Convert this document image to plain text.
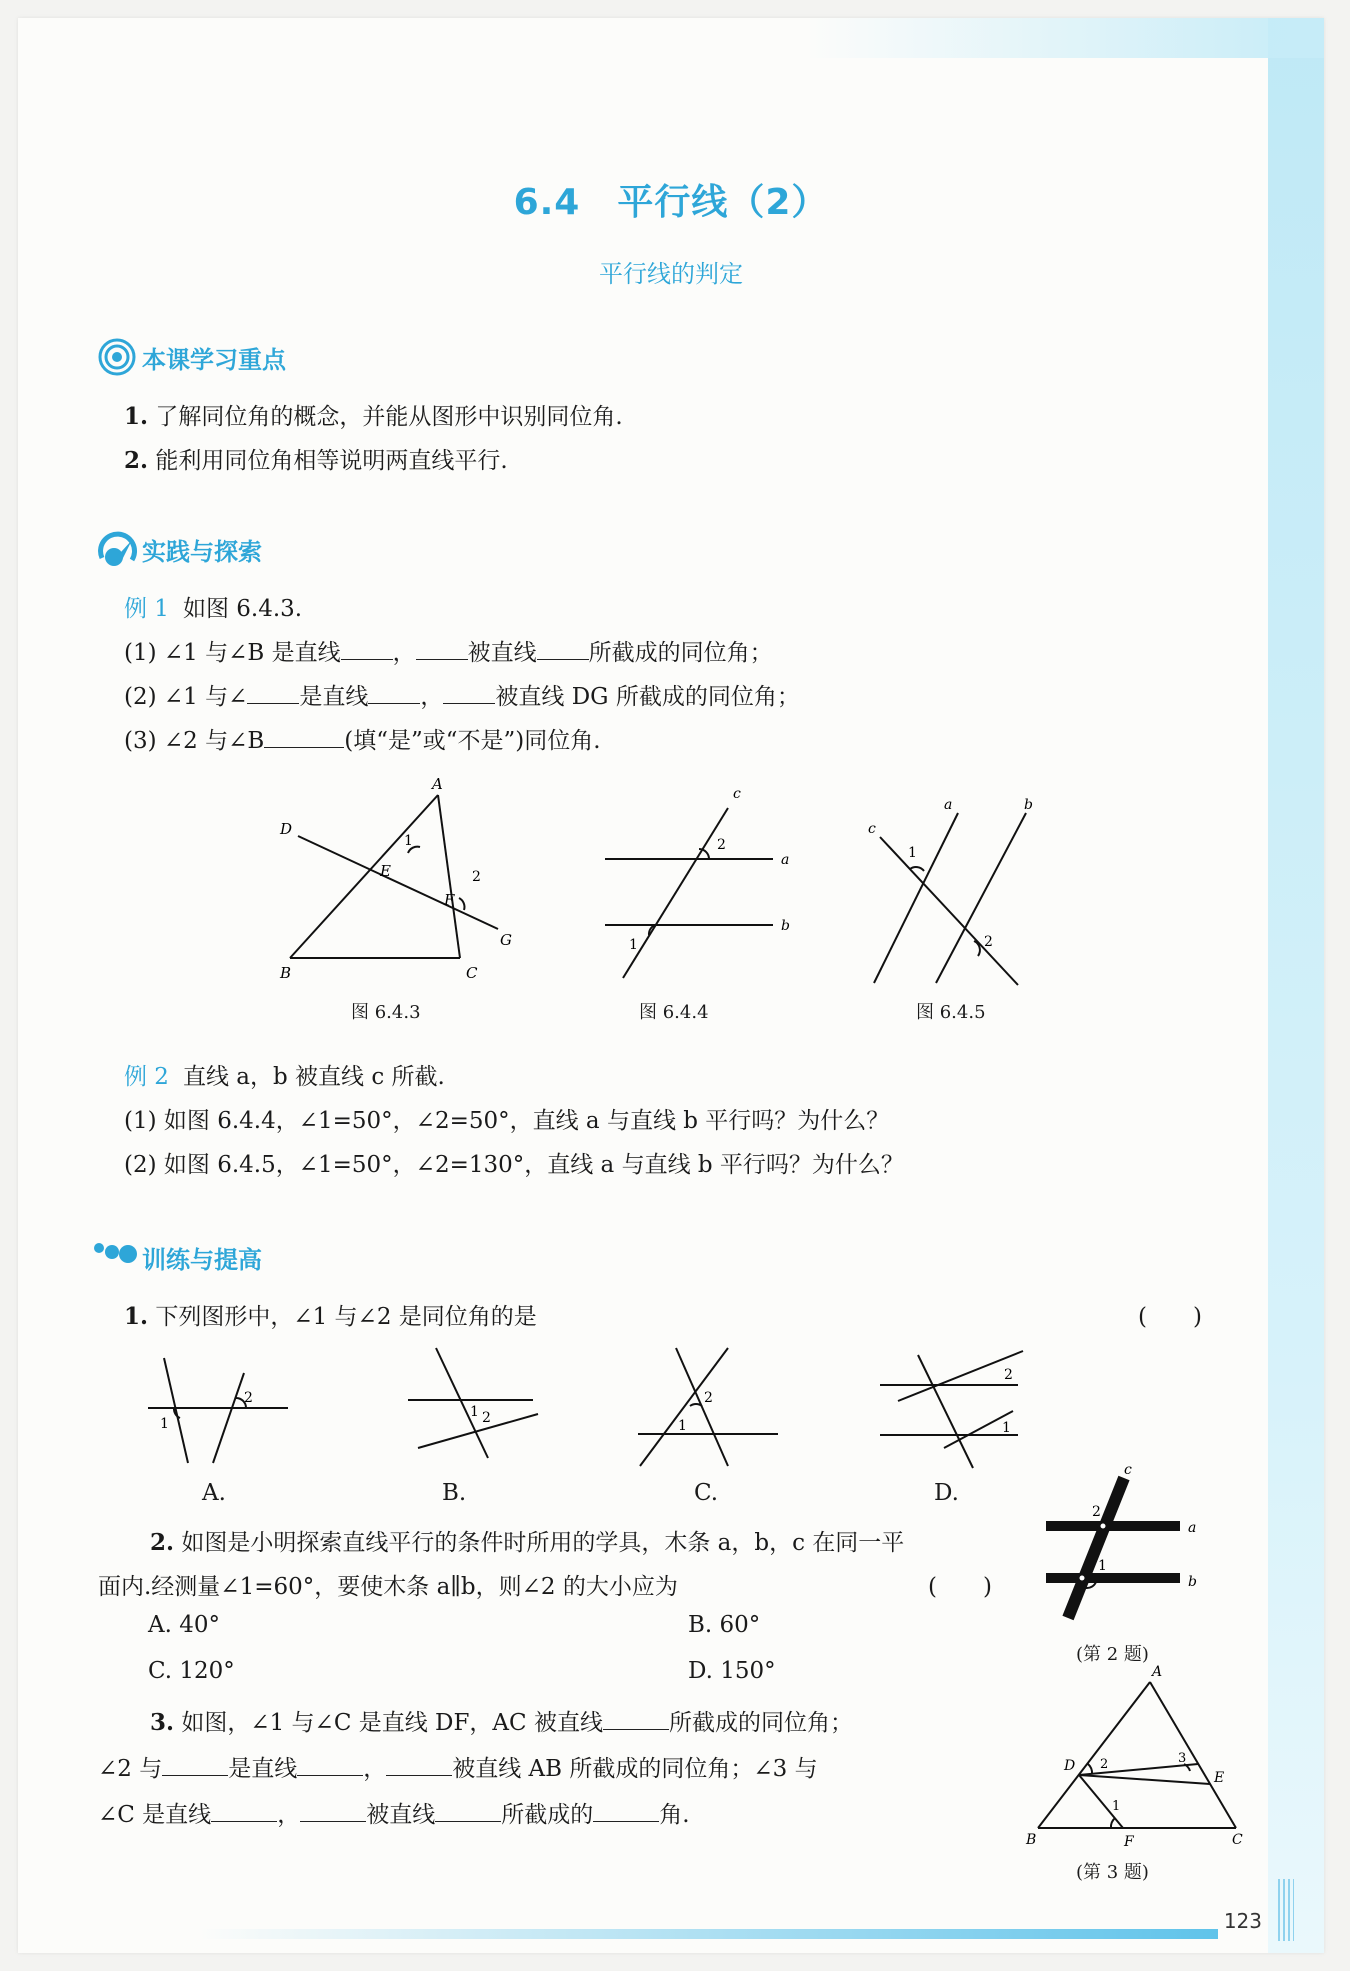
6.4　平行线（2）
平行线的判定
本课学习重点
1. 了解同位角的概念，并能从图形中识别同位角.
2. 能利用同位角相等说明两直线平行.
实践与探索
例 1 如图 6.4.3.
(1) ∠1 与∠B 是直线 ， 被直线 所截成的同位角；
(2) ∠1 与∠ 是直线 ， 被直线 DG 所截成的同位角；
(3) ∠2 与∠B	(填“是”或“不是”)同位角.
A
B	C
D
E
F
G
1
2
图 6.4.3
c
a
b
2
1
图 6.4.4
a	b
c
1
2
图 6.4.5
例 2 直线 a，b 被直线 c 所截.
(1) 如图 6.4.4，∠1=50°，∠2=50°，直线 a 与直线 b 平行吗？为什么？
(2) 如图 6.4.5，∠1=50°，∠2=130°，直线 a 与直线 b 平行吗？为什么？
训练与提高
1. 下列图形中，∠1 与∠2 是同位角的是	(　　)
1
2
A.
1 2
B.
2
1
C.
2
1
D.
2. 如图是小明探索直线平行的条件时所用的学具，木条 a，b，c 在同一平
面内.经测量∠1=60°，要使木条 a∥b，则∠2 的大小应为	(　　)
A. 40°	B. 60°
C. 120°	D. 150°
c
a
b
2
1
(第 2 题)
3. 如图，∠1 与∠C 是直线 DF，AC 被直线	所截成的同位角；
∠2 与	是直线	，	被直线 AB 所截成的同位角；∠3 与
∠C 是直线	，	被直线	所截成的	角.
A
B	C
D
E
F
1
2	3
(第 3 题)
123
